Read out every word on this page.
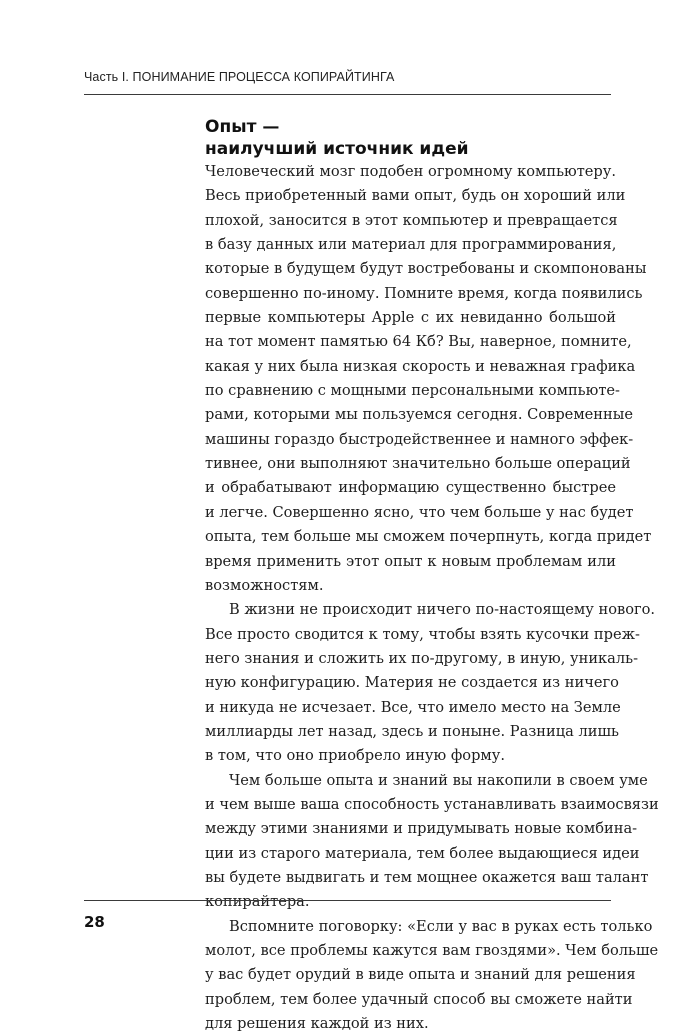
Часть I. ПОНИМАНИЕ ПРОЦЕССА КОПИРАЙТИНГА
Опыт —
наилучший источник идей
Человеческий мозг подобен огромному компьютеру.
Весь приобретенный вами опыт, будь он хороший или
плохой, заносится в этот компьютер и превращается
в базу данных или материал для программирования,
которые в будущем будут востребованы и скомпонованы
совершенно по-иному. Помните время, когда появились
первые компьютеры Apple с их невиданно большой
на тот момент памятью 64 Кб? Вы, наверное, помните,
какая у них была низкая скорость и неважная графика
по сравнению с мощными персональными компьюте-
рами, которыми мы пользуемся сегодня. Современные
машины гораздо быстродейственнее и намного эффек-
тивнее, они выполняют значительно больше операций
и обрабатывают информацию существенно быстрее
и легче. Совершенно ясно, что чем больше у нас будет
опыта, тем больше мы сможем почерпнуть, когда придет
время применить этот опыт к новым проблемам или
возможностям.
В жизни не происходит ничего по-настоящему нового.
Все просто сводится к тому, чтобы взять кусочки преж-
него знания и сложить их по-другому, в иную, уникаль-
ную конфигурацию. Материя не создается из ничего
и никуда не исчезает. Все, что имело место на Земле
миллиарды лет назад, здесь и поныне. Разница лишь
в том, что оно приобрело иную форму.
Чем больше опыта и знаний вы накопили в своем уме
и чем выше ваша способность устанавливать взаимосвязи
между этими знаниями и придумывать новые комбина-
ции из старого материала, тем более выдающиеся идеи
вы будете выдвигать и тем мощнее окажется ваш талант
копирайтера.
Вспомните поговорку: «Если у вас в руках есть только
молот, все проблемы кажутся вам гвоздями». Чем больше
у вас будет орудий в виде опыта и знаний для решения
проблем, тем более удачный способ вы сможете найти
для решения каждой из них.
28
